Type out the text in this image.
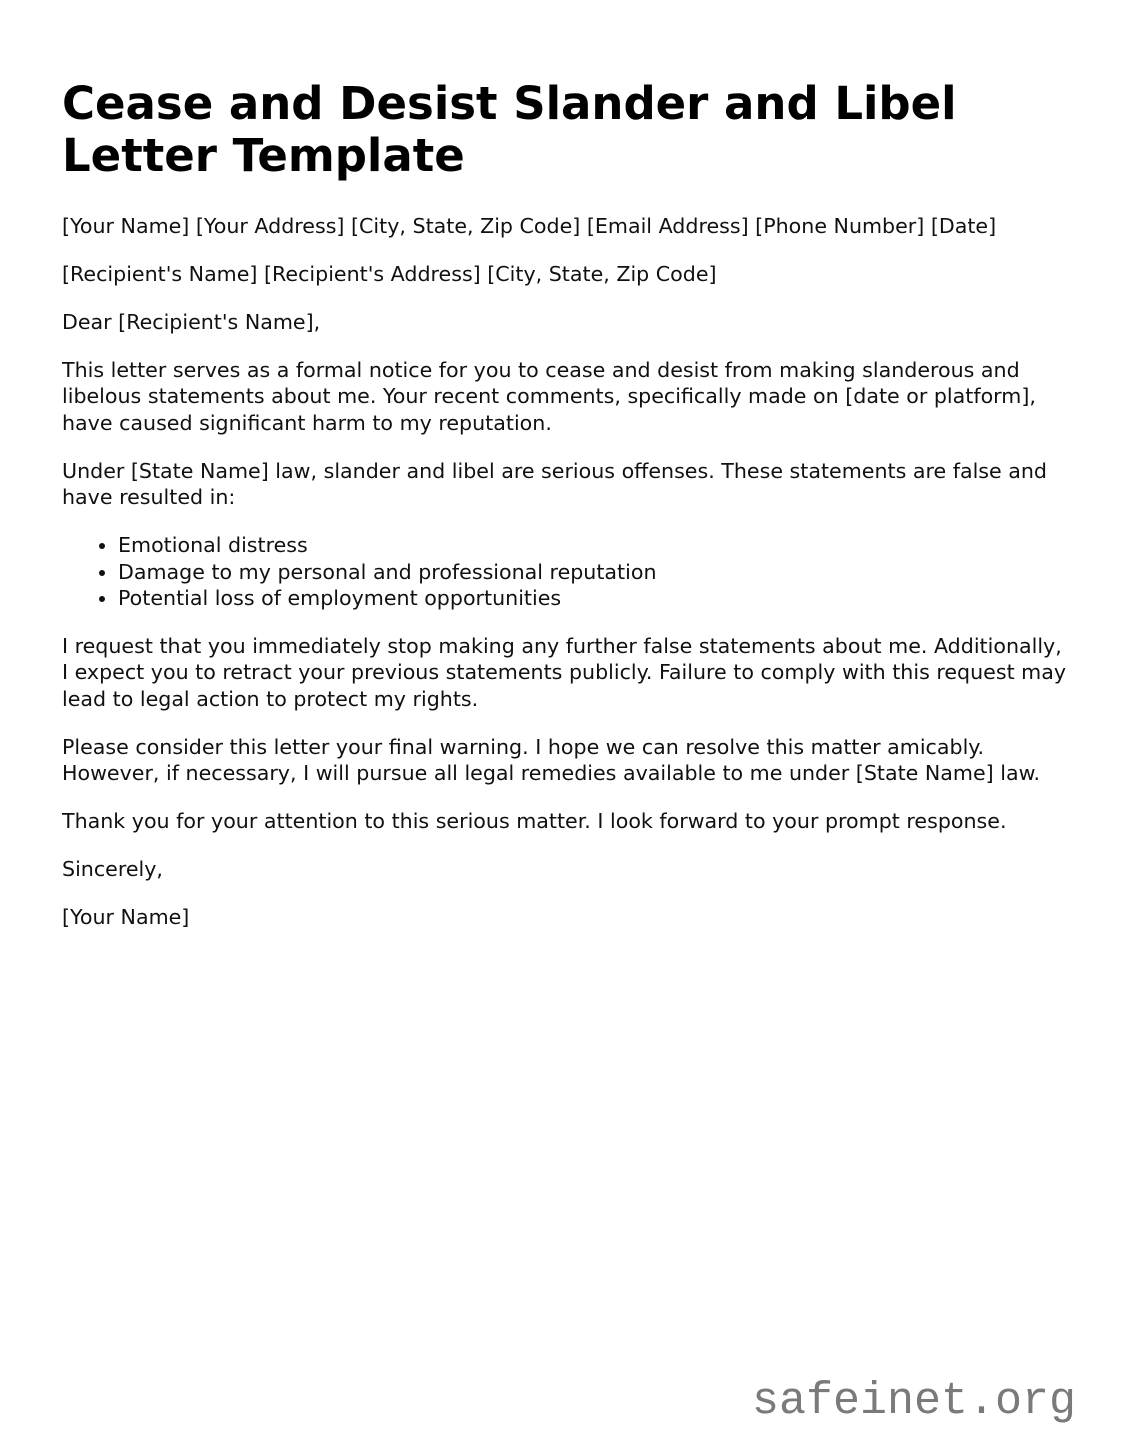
Cease and Desist Slander and Libel Letter Template

[Your Name] [Your Address] [City, State, Zip Code] [Email Address] [Phone Number] [Date]

[Recipient's Name] [Recipient's Address] [City, State, Zip Code]

Dear [Recipient's Name],

This letter serves as a formal notice for you to cease and desist from making slanderous and libelous statements about me. Your recent comments, specifically made on [date or platform], have caused significant harm to my reputation.

Under [State Name] law, slander and libel are serious offenses. These statements are false and have resulted in:

• Emotional distress
• Damage to my personal and professional reputation
• Potential loss of employment opportunities

I request that you immediately stop making any further false statements about me. Additionally, I expect you to retract your previous statements publicly. Failure to comply with this request may lead to legal action to protect my rights.

Please consider this letter your final warning. I hope we can resolve this matter amicably. However, if necessary, I will pursue all legal remedies available to me under [State Name] law.

Thank you for your attention to this serious matter. I look forward to your prompt response.

Sincerely,

[Your Name]

safeinet.org
